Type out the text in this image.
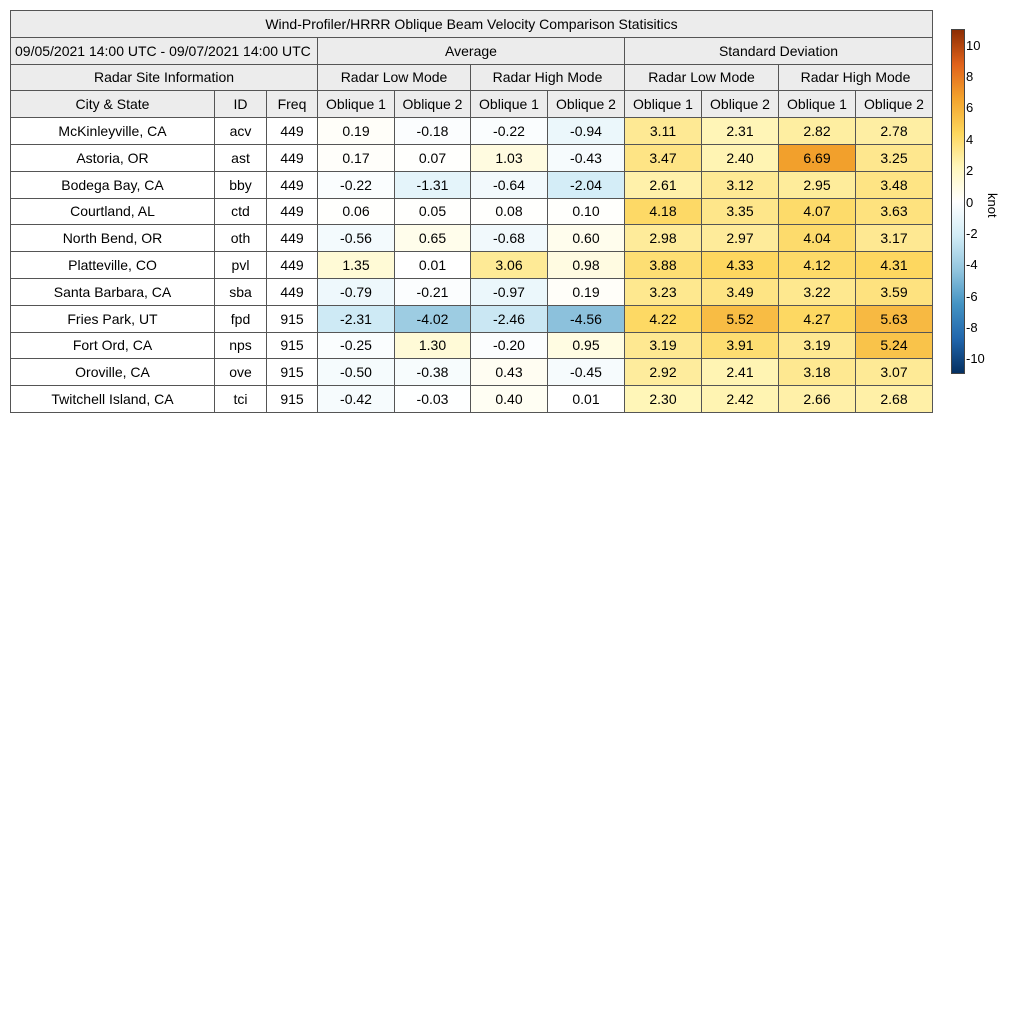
Wind-Profiler/HRRR Oblique Beam Velocity Comparison Statisitics										
09/05/2021 14:00 UTC - 09/07/2021 14:00 UTC			Average				Standard Deviation			
Radar Site Information			Radar Low Mode		Radar High Mode		Radar Low Mode		Radar High Mode	
City & State	ID	Freq	Oblique 1	Oblique 2	Oblique 1	Oblique 2	Oblique 1	Oblique 2	Oblique 1	Oblique 2
McKinleyville, CA	acv	449	0.19	-0.18	-0.22	-0.94	3.11	2.31	2.82	2.78
Astoria, OR	ast	449	0.17	0.07	1.03	-0.43	3.47	2.40	6.69	3.25
Bodega Bay, CA	bby	449	-0.22	-1.31	-0.64	-2.04	2.61	3.12	2.95	3.48
Courtland, AL	ctd	449	0.06	0.05	0.08	0.10	4.18	3.35	4.07	3.63
North Bend, OR	oth	449	-0.56	0.65	-0.68	0.60	2.98	2.97	4.04	3.17
Platteville, CO	pvl	449	1.35	0.01	3.06	0.98	3.88	4.33	4.12	4.31
Santa Barbara, CA	sba	449	-0.79	-0.21	-0.97	0.19	3.23	3.49	3.22	3.59
Fries Park, UT	fpd	915	-2.31	-4.02	-2.46	-4.56	4.22	5.52	4.27	5.63
Fort Ord, CA	nps	915	-0.25	1.30	-0.20	0.95	3.19	3.91	3.19	5.24
Oroville, CA	ove	915	-0.50	-0.38	0.43	-0.45	2.92	2.41	3.18	3.07
Twitchell Island, CA	tci	915	-0.42	-0.03	0.40	0.01	2.30	2.42	2.66	2.68
10
8
6
4
2
0
-2
-4
-6
-8
-10
knot
